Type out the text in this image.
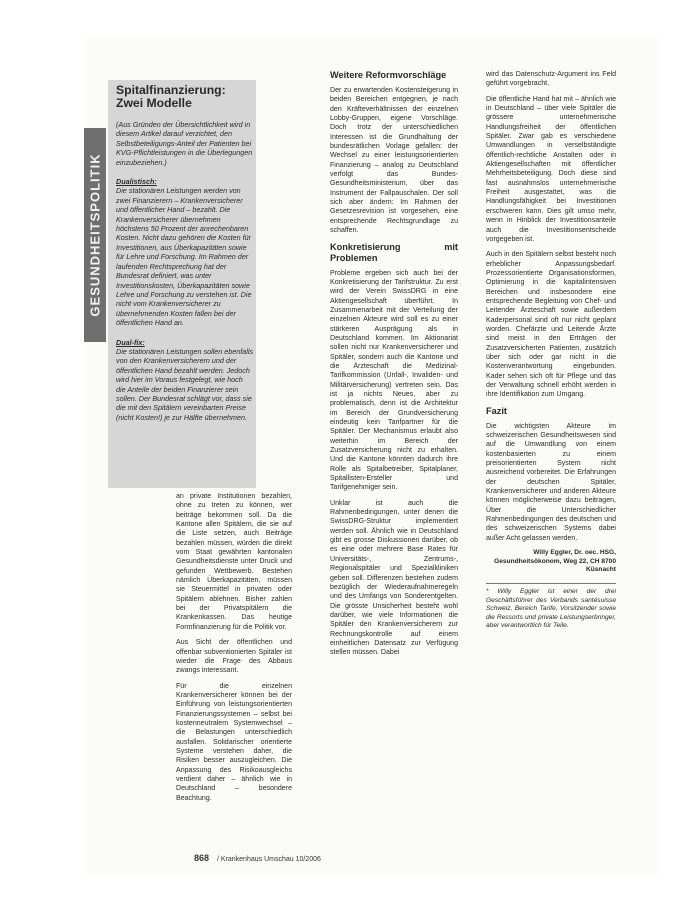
GESUNDHEITSPOLITIK
Spitalfinanzierung: Zwei Modelle
(Aus Gründen der Übersichtlichkeit wird in diesem Artikel darauf verzichtet, den Selbstbeteiligungs-Anteil der Patienten bei KVG-Pflichtleistungen in die Überlegungen einzubeziehen.)
Dualistisch:
Die stationären Leistungen werden von zwei Finanzierern – Krankenversicherer und öffentlicher Hand – bezahlt. Die Krankenversicherer übernehmen höchstens 50 Prozent der anrechenbaren Kosten. Nicht dazu gehören die Kosten für Investitionen, aus Überkapazitäten sowie für Lehre und Forschung. Im Rahmen der laufenden Rechtsprechung hat der Bundesrat definiert, was unter Investitionskosten, Überkapazitäten sowie Lehre und Forschung zu verstehen ist. Die nicht vom Krankenversicherer zu übernehmenden Kosten fallen bei der öffentlichen Hand an.
Dual-fix:
Die stationären Leistungen sollen ebenfalls von den Krankenversicherern und der öffentlichen Hand bezahlt werden. Jedoch wird hier im Voraus festgelegt, wie hoch die Anteile der beiden Finanzierer sein sollen. Der Bundesrat schlägt vor, dass sie die mit den Spitälern vereinbarten Preise (nicht Kosten!) je zur Hälfte übernehmen.

an private Institutionen bezahlen, ohne zu treten zu können, wer beiträge bekommen soll. Da die Kantone allen Spitälern, die sie auf die Liste setzen, auch Beiträge bezahlen müssen, würden die direkt vom Staat gewährten kantonalen Gesundheitsdienste unter Druck und gefunden Wettbewerb. Bestehen nämlich Überkapazitäten, müssen sie Steuermittel in privaten oder Spitälern ablehnen. Bisher zahlen bei der Privatspitälern die Krankenkassen. Das heutige Formfinanzierung für die Politik vor.

Aus Sicht der öffentlichen und offenbar subventionierten Spitäler ist wieder die Frage des Abbaus zwangs interessant.

Für die einzelnen Krankenversicherer können bei der Einführung von leistungsorientierten Finanzierungssystemen – selbst bei kostenneutralem Systemwechsel – die Belastungen unterschiedlich ausfallen. Solidarischer orientierte Systeme verstehen daher, die Risiken besser auszugleichen. Die Anpassung des Risikoausgleichs verdient daher – ähnlich wie in Deutschland – besondere Beachtung.

Weitere Reformvorschläge

Der zu erwartenden Kostensteigerung in beiden Bereichen entgegnen, je nach den Kräfteverhältnissen der einzelnen Lobby-Gruppen, eigene Vorschläge. Doch trotz der unterschiedlichen Interessen ist die Grundhaltung der bundesrätlichen Vorlage gefallen: der Wechsel zu einer leistungsorientierten Finanzierung – analog zu Deutschland verfolgt das Bundes-Gesundheitsministerium, über das Instrument der Fallpauschalen. Der soll sich aber ändern: Im Rahmen der Gesetzesrevision ist vorgesehen, eine entsprechende Rechtsgrundlage zu schaffen.

Konkretisierung mit Problemen

Probleme ergeben sich auch bei der Konkretisierung der Tarifstruktur. Zu erst wird der Verein SwissDRG in eine Aktiengesellschaft überführt. In Zusammenarbeit mit der Verteilung der einzelnen Akteure wird soll es zu einer stärkeren Ausprägung als in Deutschland kommen. Im Aktionariat sollen nicht nur Krankenversicherer und Spitäler, sondern auch die Kantone und die Ärzteschaft die Medizinal-Tarifkommission (Unfall-, Invaliden- und Militärversicherung) vertreten sein. Das ist ja nichts Neues, aber zu problematisch, denn ist die Architektur im Bereich der Grundversicherung eindeutig kein Tarifpartner für die Spitäler. Der Mechanismus erlaubt also weiterhin im Bereich der Zusatzversicherung nicht zu erhalten. Und die Kantone könnten dadurch ihre Rolle als Spitalbetreiber, Spitalplaner, Spitallisten-Ersteller und Tarifgenehmiger sein.

Unklar ist auch die Rahmenbedingungen, unter denen die SwissDRG-Struktur implementiert werden soll. Ähnlich wie in Deutschland gibt es grosse Diskussionen darüber, ob es eine oder mehrere Base Rates für Universitäts-, Zentrums-, Regionalspitäler und Spezialkliniken geben soll. Differenzen bestehen zudem bezüglich der Wiederaufnahmeregeln und des Umfangs von Sonderentgelten. Die grösste Unsicherheit besteht wohl darüber, wie viele Informationen die Spitäler den Krankenversicherern zur Rechnungskontrolle auf einem einheitlichen Datensatz zur Verfügung stellen müssen. Dabei

wird das Datenschutz-Argument ins Feld geführt vorgebracht.

Die öffentliche Hand hat mit – ähnlich wie in Deutschland – über viele Spitäler die grössere unternehmerische Handlungsfreiheit der öffentlichen Spitäler. Zwar gab es verschiedene Umwandlungen in verselbständigte öffentlich-rechtliche Anstalten oder in Aktiengesellschaften mit öffentlicher Mehrheitsbeteiligung. Doch diese sind fast ausnahmslos unternehmerische Freiheit ausgestattet, was die Handlungsfähigkeit bei Investitionen erschweren kann. Dies gilt umso mehr, wenn in Hinblick der Investitionsanteile auch die Investitionsentscheide vorgegeben ist.

Auch in den Spitälern selbst besteht noch erheblicher Anpassungsbedarf. Prozessorientierte Organisationsformen, Optimierung in die kapitalintensiven Bereichen und insbesondere eine entsprechende Begleitung von Chef- und Leitender Ärzteschaft sowie außerdem Kaderpersonal sind oft nur nicht geplant worden. Chefärzte und Leitende Ärzte sind meist in den Erträgen der Zusatzversicherten Patienten, zusätzlich über sich oder gar nicht in die Kostenverantwortung eingebunden. Kader sehen sich oft für Pflege und das der Verwaltung schnell erhöht werden in ihre Identifikation zum Umgang.

Fazit

Die wichtigsten Akteure im schweizerischen Gesundheitswesen sind auf die Umwandlung von einem kostenbasierten zu einem preisorientierten System nicht ausreichend vorbereitet. Die Erfahrungen der deutschen Spitäler, Krankenversicherer und anderen Akteure können möglicherweise dazu beitragen, Über die Unterschiedlicher Rahmenbedingungen des deutschen und des schweizerischen Systems dabei außer Acht gelassen werden.

Willy Eggler, Dr. oec. HSG, Gesundheitsökonom, Weg 22, CH 8700 Küsnacht
* Willy Eggler ist einer der drei Geschäftsführer des Verbands santésuisse Schweiz, Bereich Tarife, Vorsitzender sowie die Ressorts und private Leistungserbringer, aber verantwortlich für Teile.
868 / Krankenhaus Umschau 10/2006
